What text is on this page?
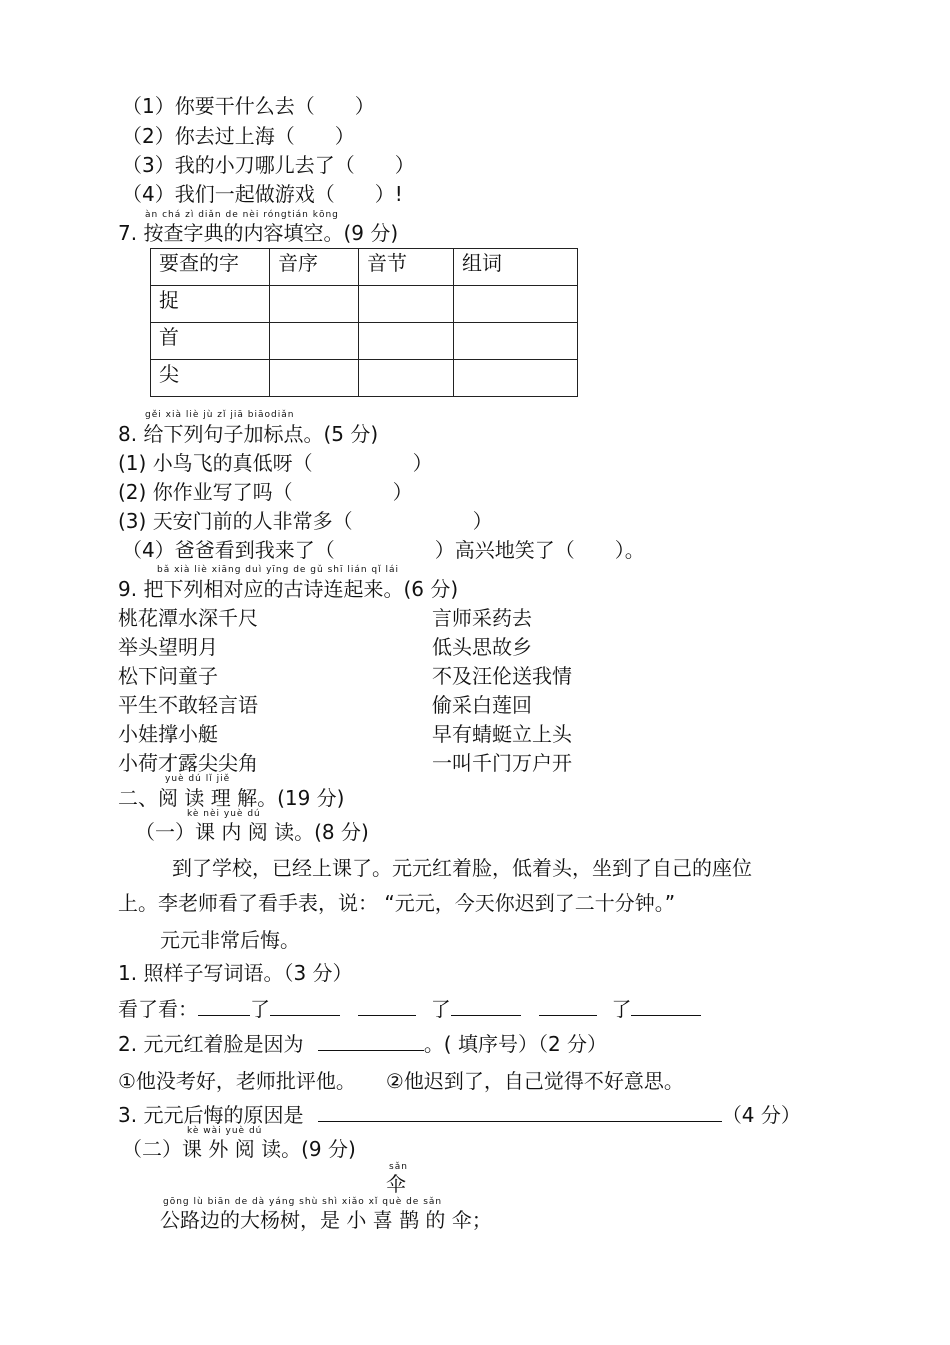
（1）你要干什么去（　　）
（2）你去过上海（　　）
（3）我的小刀哪儿去了（　　）
（4）我们一起做游戏（　　）!
àn chá zì diǎn de nèi róngtián kōng
7. 按查字典的内容填空。(9 分)
要查的字	音序	音节	组词
捉			
首			
尖			
gěi xià liè jù zǐ jiā biāodiǎn
8. 给下列句子加标点。(5 分)
(1) 小鸟飞的真低呀（　　　　　）
(2) 你作业写了吗（　　　　　）
(3) 天安门前的人非常多（　　　　　　）
（4）爸爸看到我来了（　　　　　）高兴地笑了（　　）。
bǎ xià liè xiāng duì yīng de gǔ shī lián qǐ lái
9. 把下列相对应的古诗连起来。(6 分)
桃花潭水深千尺	言师采药去
举头望明月	低头思故乡
松下问童子	不及汪伦送我情
平生不敢轻言语	偷采白莲回
小娃撑小艇	早有蜻蜓立上头
小荷才露尖尖角	一叫千门万户开
yuè dú lǐ jiě
二、阅 读 理 解。(19 分)
kè nèi yuè dú
（一）课 内 阅 读。(8 分)
到了学校，已经上课了。元元红着脸，低着头，坐到了自己的座位
上。李老师看了看手表，说： “元元，今天你迟到了二十分钟。”
元元非常后悔。
1. 照样子写词语。（3 分）
看了看：	了	了	了
2. 元元红着脸是因为	。( 填序号）（2 分）
①他没考好，老师批评他。　　②他迟到了，自己觉得不好意思。
3. 元元后悔的原因是	（4 分）
kè wài yuè dú
（二）课 外 阅 读。(9 分)
sǎn
伞
gōng lù biān de dà yáng shù shì xiǎo xǐ què de sǎn
公路边的大杨树，是 小 喜 鹊 的 伞；
